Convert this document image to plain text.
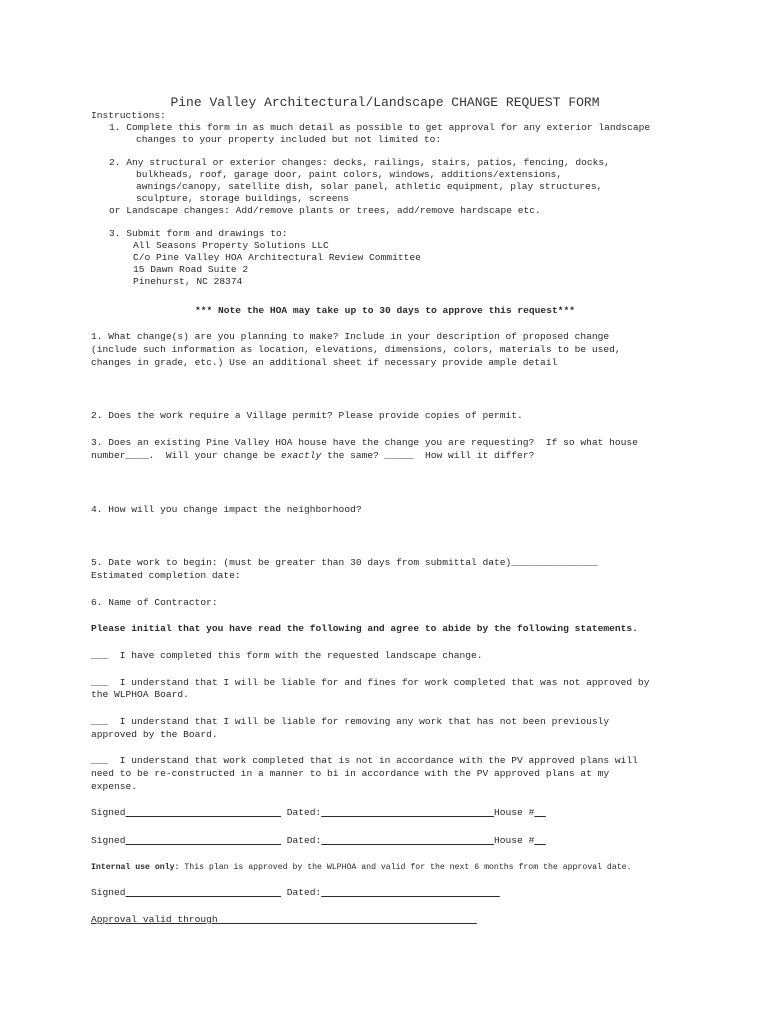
Pine Valley Architectural/Landscape CHANGE REQUEST FORM
Instructions:
1. Complete this form in as much detail as possible to get approval for any exterior landscape
changes to your property included but not limited to:
2. Any structural or exterior changes: decks, railings, stairs, patios, fencing, docks,
bulkheads, roof, garage door, paint colors, windows, additions/extensions,
awnings/canopy, satellite dish, solar panel, athletic equipment, play structures,
sculpture, storage buildings, screens
or Landscape changes: Add/remove plants or trees, add/remove hardscape etc.
3. Submit form and drawings to:
All Seasons Property Solutions LLC
C/o Pine Valley HOA Architectural Review Committee
15 Dawn Road Suite 2
Pinehurst, NC 28374
*** Note the HOA may take up to 30 days to approve this request***
1. What change(s) are you planning to make? Include in your description of proposed change
(include such information as location, elevations, dimensions, colors, materials to be used,
changes in grade, etc.) Use an additional sheet if necessary provide ample detail
2. Does the work require a Village permit? Please provide copies of permit.
3. Does an existing Pine Valley HOA house have the change you are requesting?  If so what house
number____.  Will your change be exactly the same? _____  How will it differ?
4. How will you change impact the neighborhood?
5. Date work to begin: (must be greater than 30 days from submittal date)_______________
Estimated completion date:
6. Name of Contractor:
Please initial that you have read the following and agree to abide by the following statements.
___  I have completed this form with the requested landscape change.
___  I understand that I will be liable for and fines for work completed that was not approved by
the WLPHOA Board.
___  I understand that I will be liable for removing any work that has not been previously
approved by the Board.
___  I understand that work completed that is not in accordance with the PV approved plans will
need to be re-constructed in a manner to bi in accordance with the PV approved plans at my
expense.
Signed	Dated:	House #
Signed	Dated:	House #
Internal use only: This plan is approved by the WLPHOA and valid for the next 6 months from the approval date.
Signed	Dated:
Approval valid through
